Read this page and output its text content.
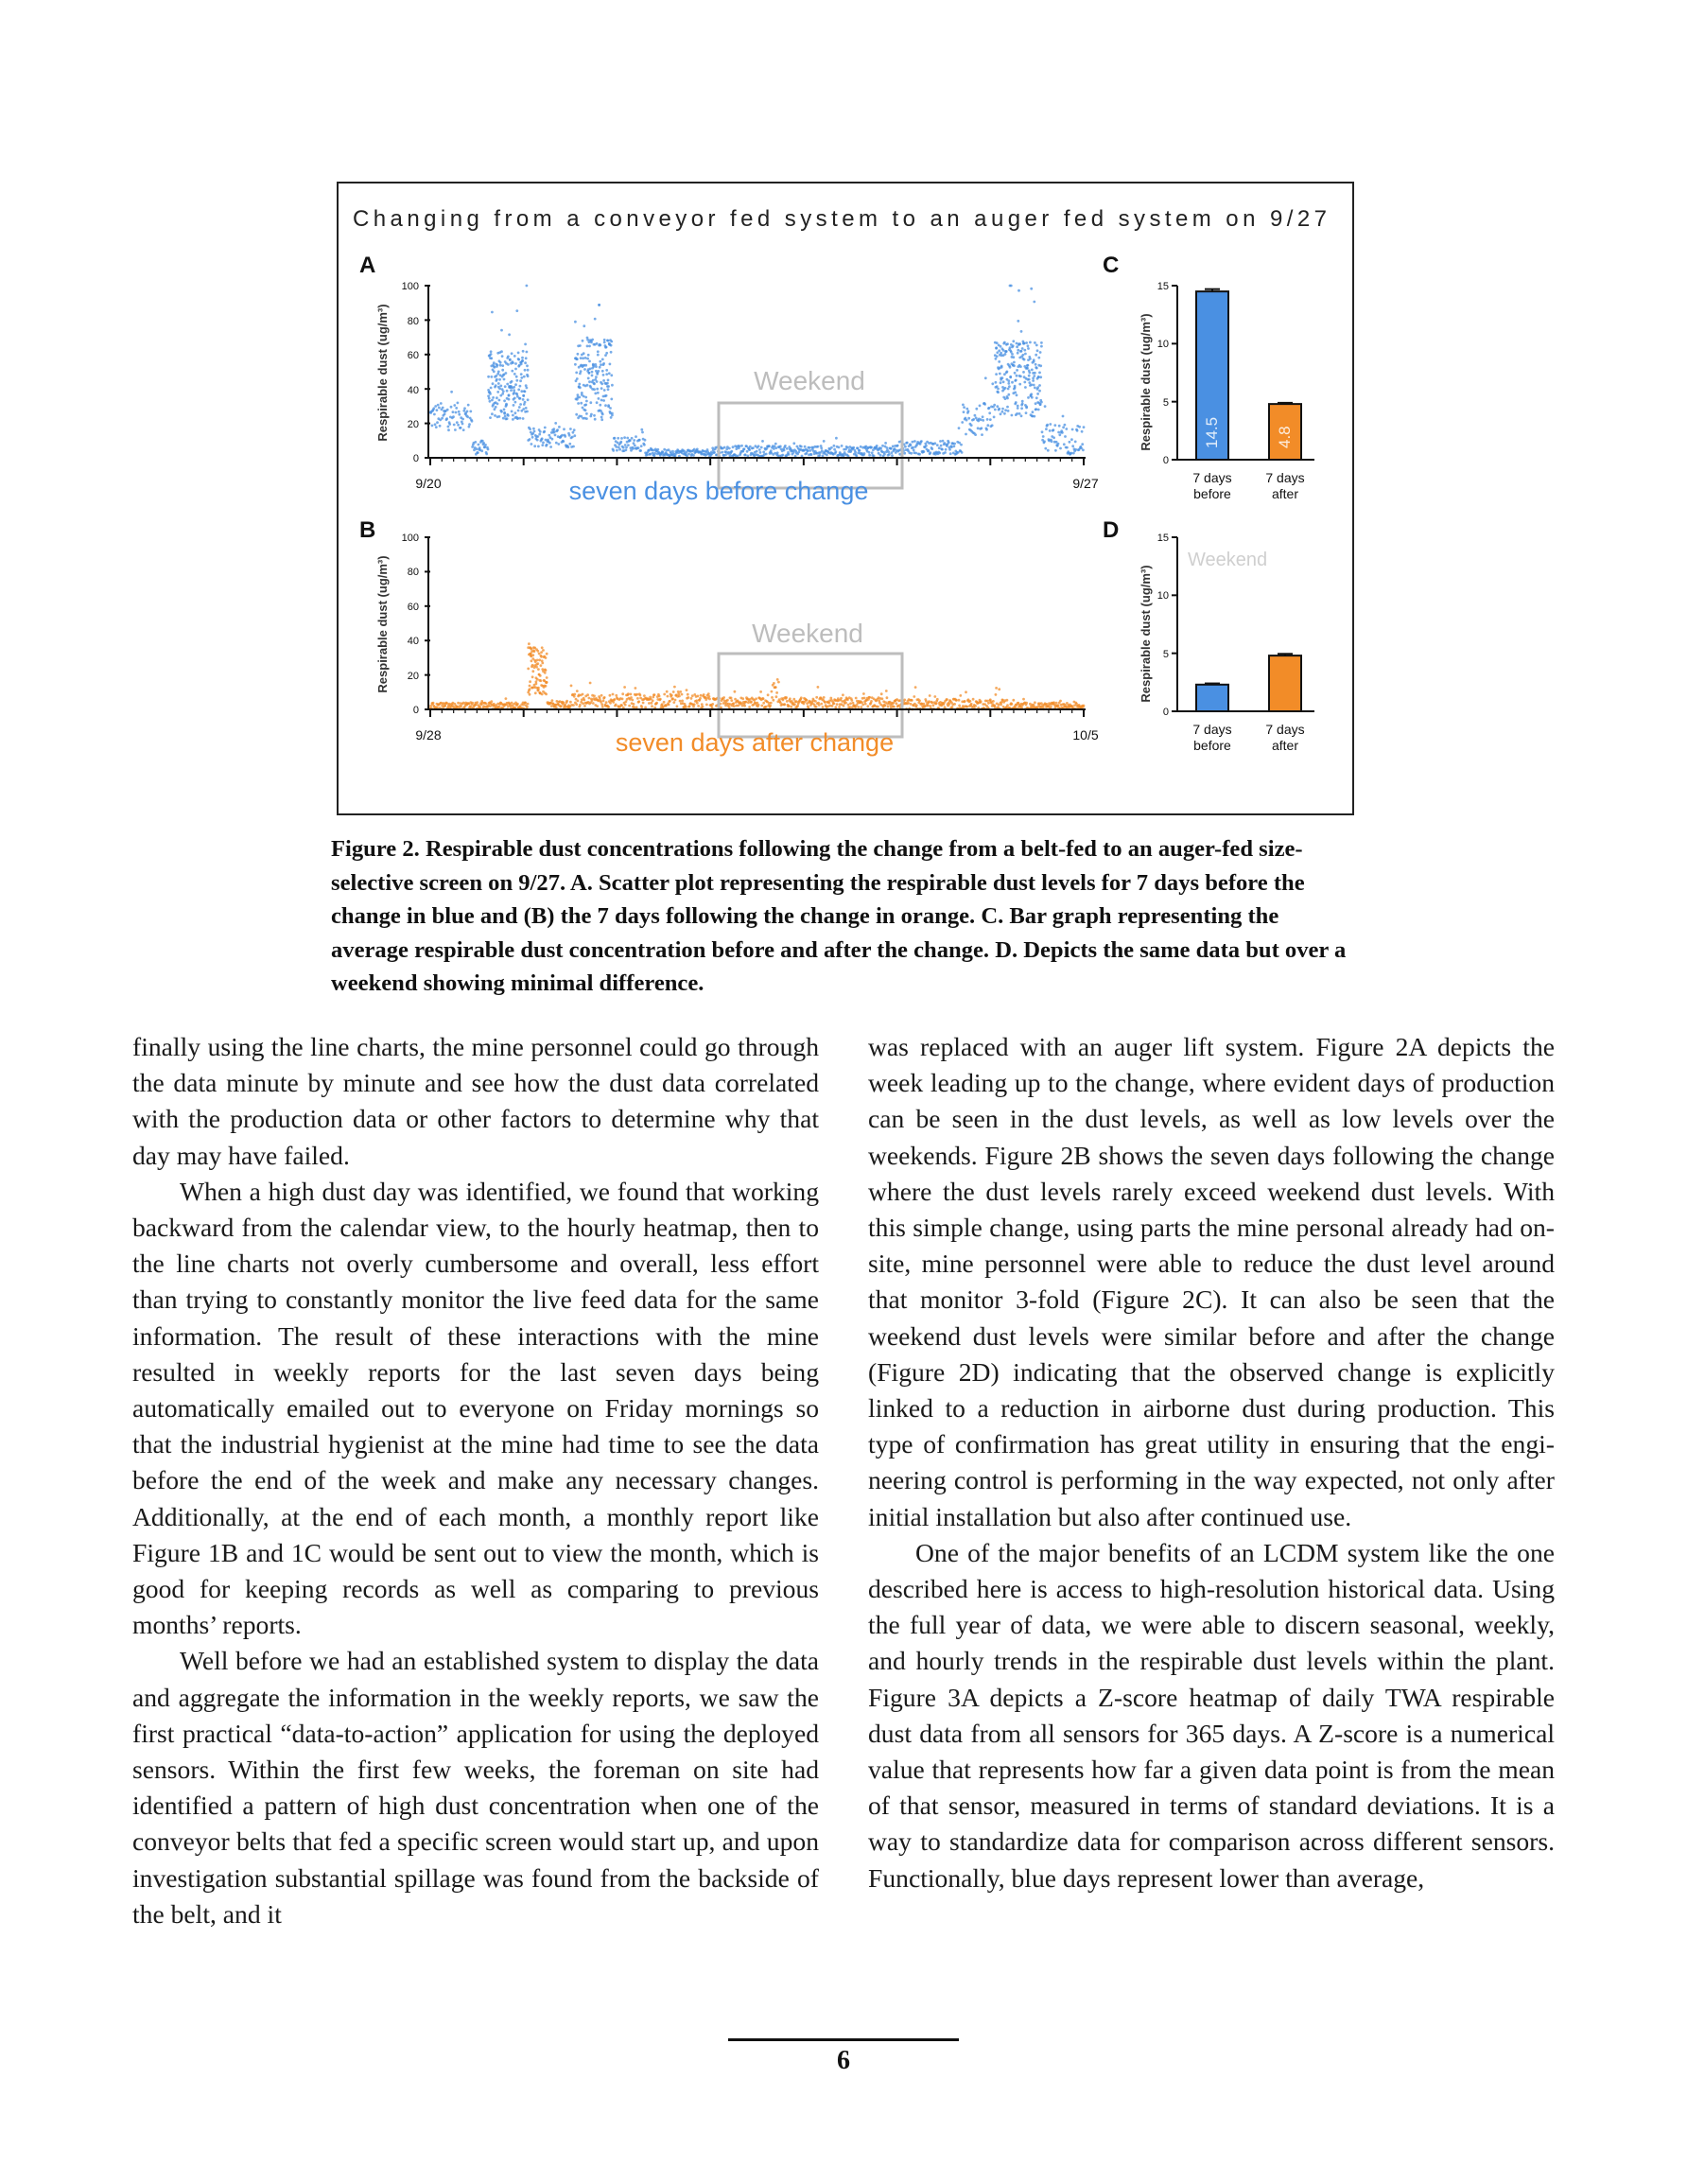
Changing from a conveyor fed system to an auger fed system on 9/27
A
Weekend
0
20
40
60
80
100
Respirable dust (ug/m³)
9/20	9/27
seven days before change
B
Weekend
0
20
40
60
80
100
Respirable dust (ug/m³)
9/28	10/5
seven days after change
C
Respirable dust (ug/m³)
0
5
10
15
14.5	4.8
7 days
before
7 days
after
D
Weekend
Respirable dust (ug/m³)
0
5
10
15
7 days
before
7 days
after
Figure 2. Respirable dust concentrations following the change from a belt-fed to an auger-fed size-selective screen on 9/27. A. Scatter plot representing the respirable dust levels for 7 days before the change in blue and (B) the 7 days following the change in orange. C. Bar graph representing the average respirable dust concentration before and after the change. D. Depicts the same data but over a weekend showing minimal difference.

finally using the line charts, the mine personnel could go through the data minute by minute and see how the dust data correlated with the production data or other factors to determine why that day may have failed.

When a high dust day was identified, we found that working backward from the calendar view, to the hourly heatmap, then to the line charts not overly cumbersome and overall, less effort than trying to constantly monitor the live feed data for the same information. The result of these interactions with the mine resulted in weekly reports for the last seven days being automatically emailed out to everyone on Friday mornings so that the industrial hygienist at the mine had time to see the data before the end of the week and make any necessary changes. Additionally, at the end of each month, a monthly report like Figure 1B and 1C would be sent out to view the month, which is good for keeping records as well as comparing to previous months’ reports.

Well before we had an established system to display the data and aggregate the information in the weekly reports, we saw the first practical “data-to-action” application for using the deployed sensors. Within the first few weeks, the foreman on site had identified a pattern of high dust concentration when one of the conveyor belts that fed a specific screen would start up, and upon investigation substantial spillage was found from the backside of the belt, and it

was replaced with an auger lift system. Figure 2A depicts the week leading up to the change, where evident days of production can be seen in the dust levels, as well as low levels over the weekends. Figure 2B shows the seven days following the change where the dust levels rarely exceed weekend dust levels. With this simple change, using parts the mine personal already had on-site, mine personnel were able to reduce the dust level around that monitor 3-fold (Figure 2C). It can also be seen that the weekend dust levels were similar before and after the change (Figure 2D) indicating that the observed change is explicitly linked to a reduction in airborne dust during production. This type of confirmation has great utility in ensuring that the engineering control is performing in the way expected, not only after initial installation but also after continued use.

One of the major benefits of an LCDM system like the one described here is access to high-resolution historical data. Using the full year of data, we were able to discern seasonal, weekly, and hourly trends in the respirable dust levels within the plant. Figure 3A depicts a Z-score heatmap of daily TWA respirable dust data from all sensors for 365 days. A Z-score is a numerical value that represents how far a given data point is from the mean of that sensor, measured in terms of standard deviations. It is a way to standardize data for comparison across different sensors. Functionally, blue days represent lower than average,

6
